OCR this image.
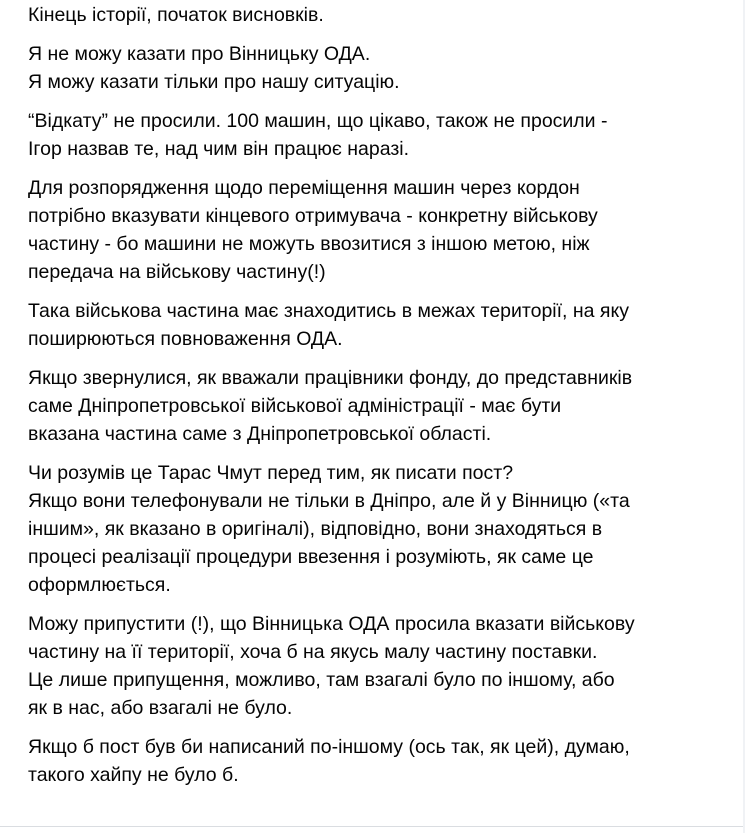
Кінець історії, початок висновків.

Я не можу казати про Вінницьку ОДА.
Я можу казати тільки про нашу ситуацію.

“Відкату” не просили. 100 машин, що цікаво, також не просили -
Ігор назвав те, над чим він працює наразі.

Для розпорядження щодо переміщення машин через кордон
потрібно вказувати кінцевого отримувача - конкретну військову
частину - бо машини не можуть ввозитися з іншою метою, ніж
передача на військову частину(!)

Така військова частина має знаходитись в межах території, на яку
поширюються повноваження ОДА.

Якщо звернулися, як вважали працівники фонду, до представників
саме Дніпропетровської військової адміністрації - має бути
вказана частина саме з Дніпропетровської області.

Чи розумів це Тарас Чмут перед тим, як писати пост?
Якщо вони телефонували не тільки в Дніпро, але й у Вінницю («та
іншим», як вказано в оригіналі), відповідно, вони знаходяться в
процесі реалізації процедури ввезення і розуміють, як саме це
оформлюється.

Можу припустити (!), що Вінницька ОДА просила вказати військову
частину на її території, хоча б на якусь малу частину поставки.
Це лише припущення, можливо, там взагалі було по іншому, або
як в нас, або взагалі не було.

Якщо б пост був би написаний по-іншому (ось так, як цей), думаю,
такого хайпу не було б.
